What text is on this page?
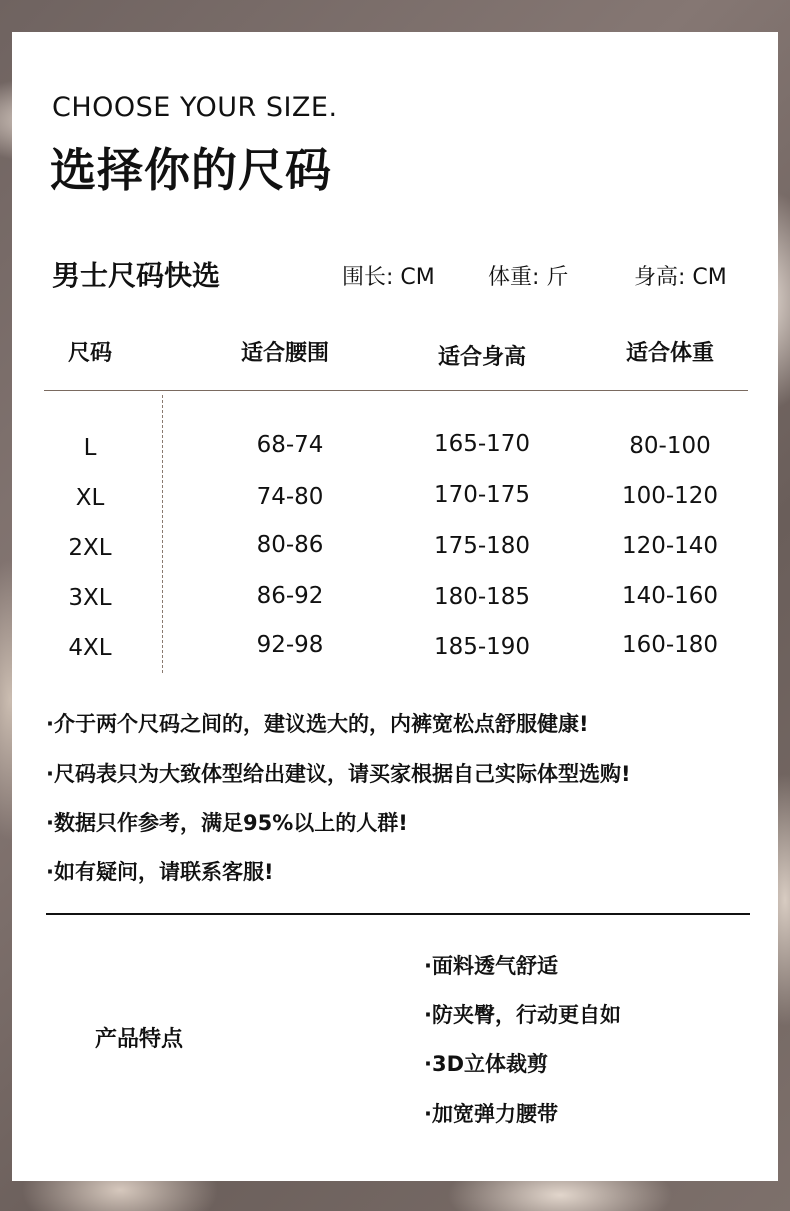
CHOOSE YOUR SIZE.
选择你的尺码
男士尺码快选	围长: CM 体重: 斤	身高: CM
尺码	适合腰围	适合身高	适合体重
L	68-74	165-170	80-100
XL	74-80	170-175	100-120
2XL	80-86	175-180	120-140
3XL	86-92	180-185	140-160
4XL	92-98	185-190	160-180
·介于两个尺码之间的，建议选大的，内裤宽松点舒服健康!
·尺码表只为大致体型给出建议，请买家根据自己实际体型选购!
·数据只作参考，满足95%以上的人群!
·如有疑问，请联系客服!
产品特点
·面料透气舒适
·防夹臀，行动更自如
·3D立体裁剪
·加宽弹力腰带
